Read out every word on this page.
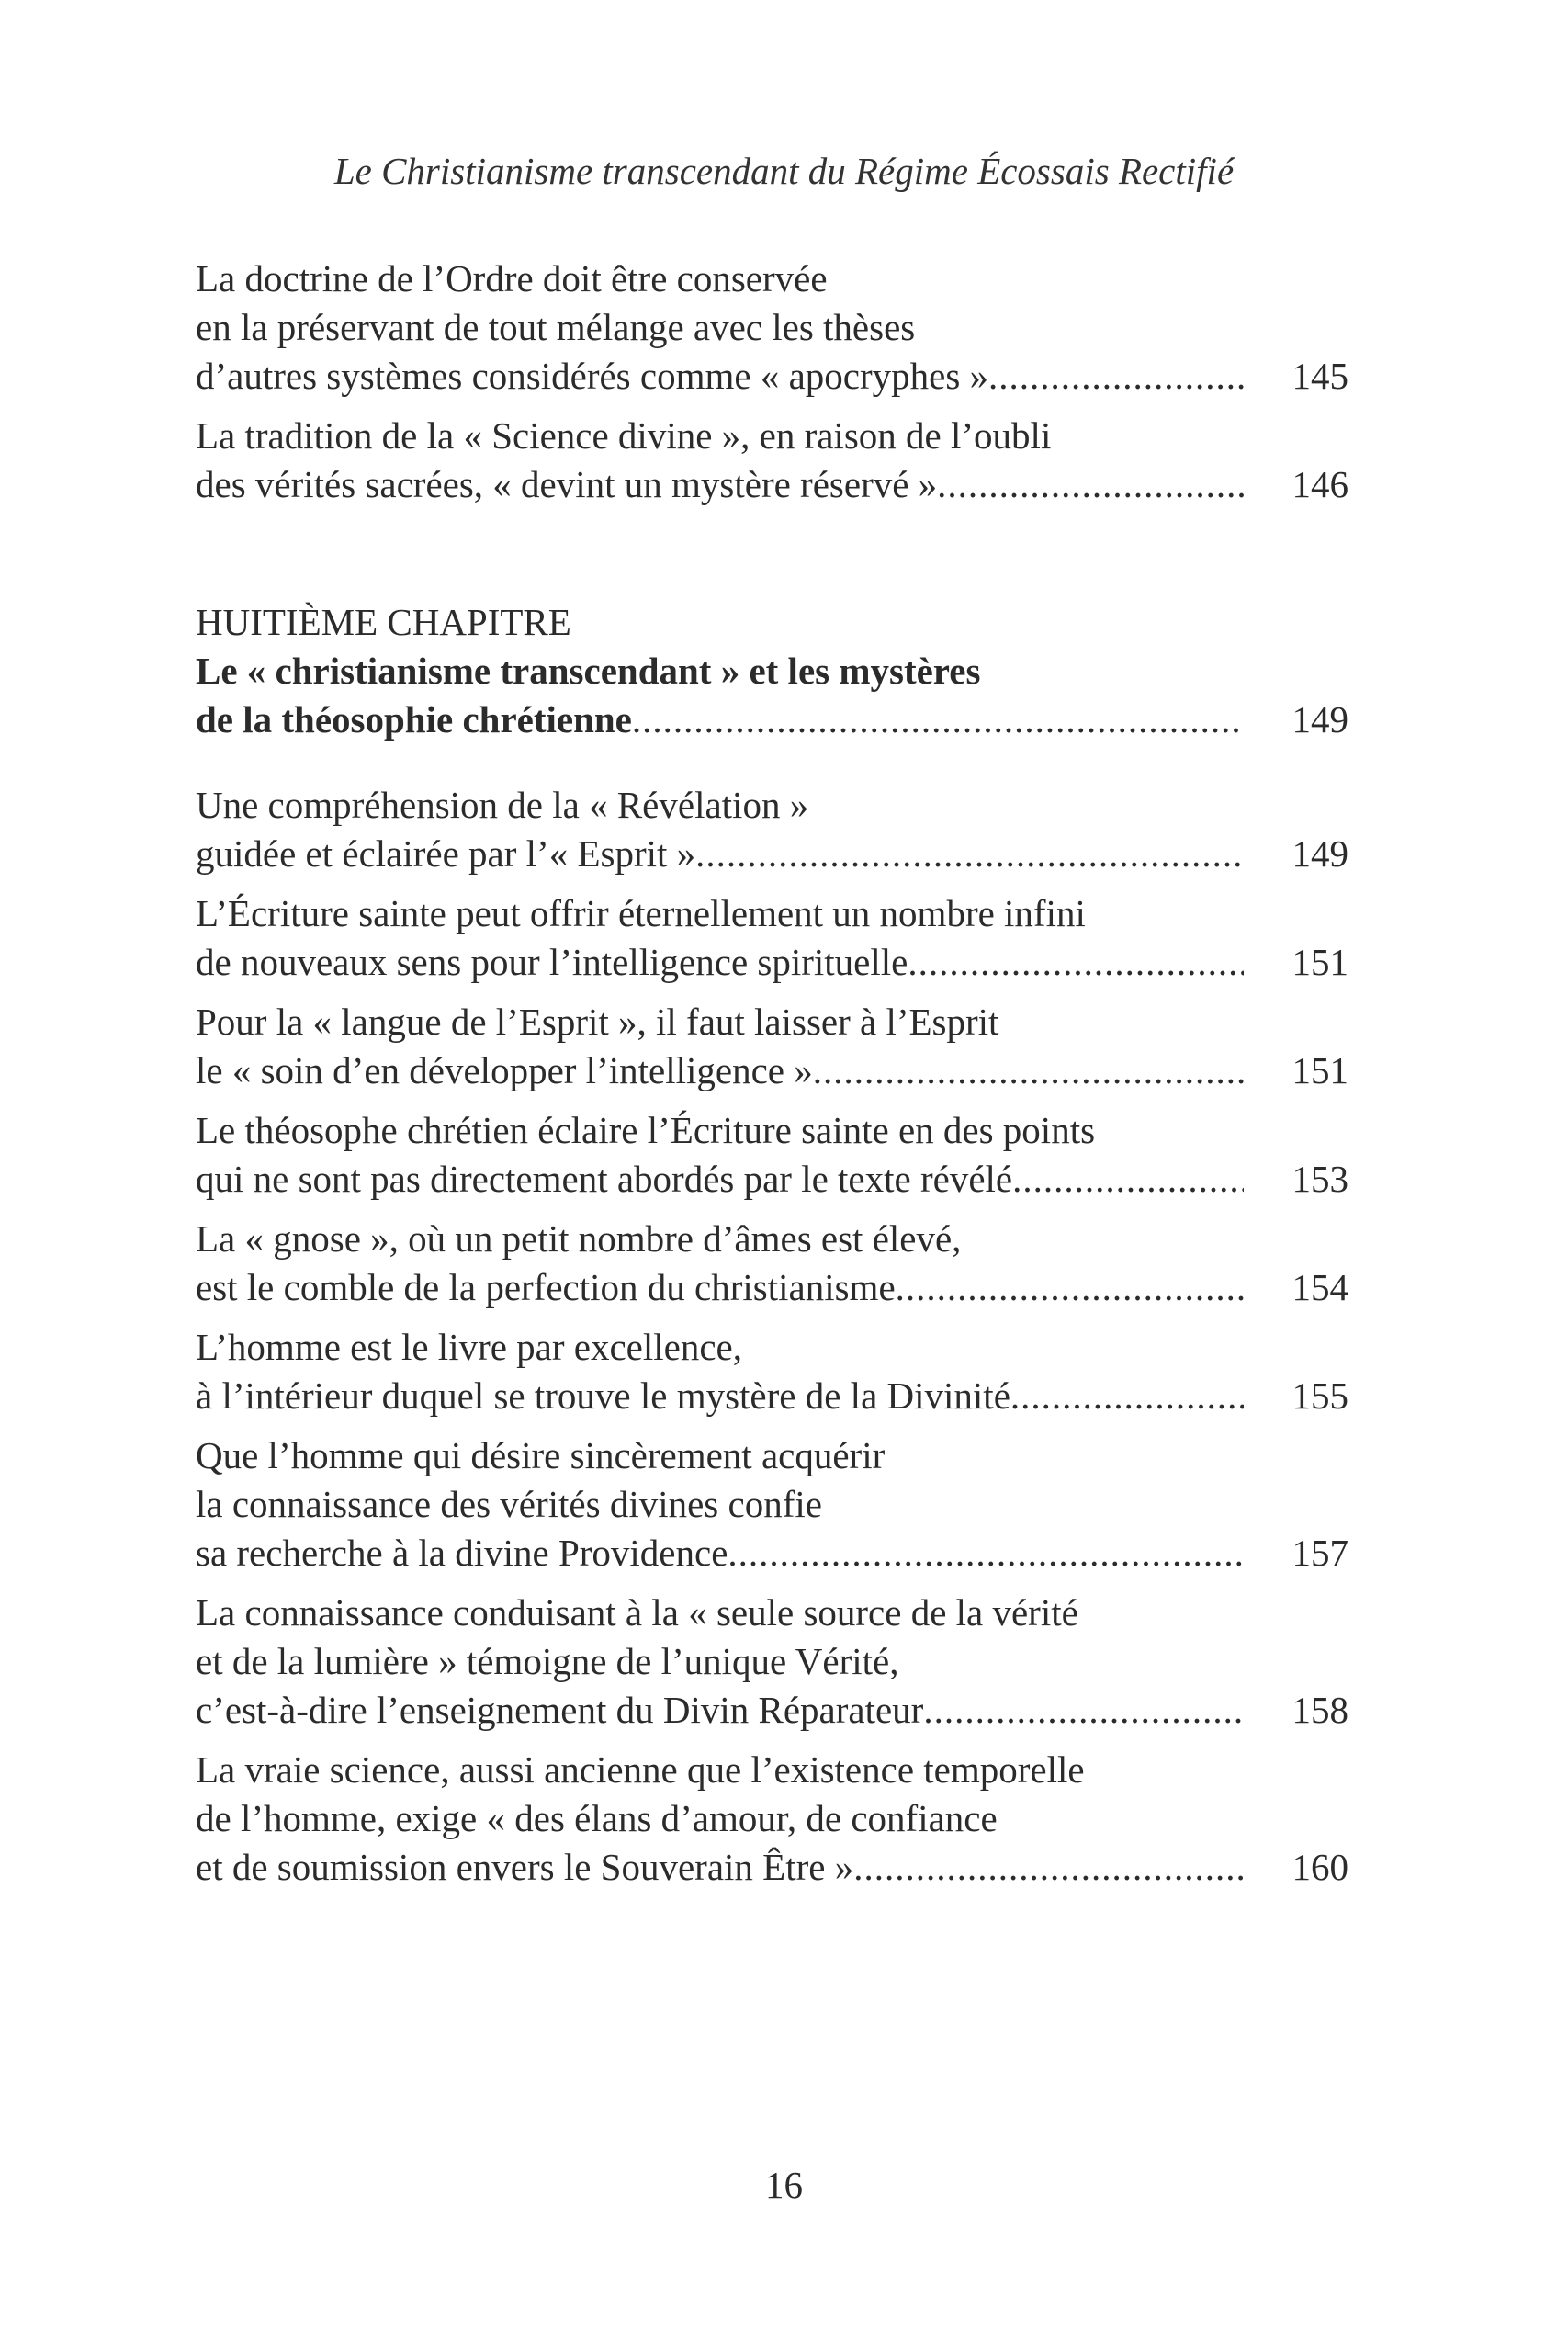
Le Christianisme transcendant du Régime Écossais Rectifié
La doctrine de l’Ordre doit être conservée
en la préservant de tout mélange avec les thèses
d’autres systèmes considérés comme « apocryphes » .....	145
La tradition de la « Science divine », en raison de l’oubli
des vérités sacrées, « devint un mystère réservé » .....	146
HUITIÈME CHAPITRE
Le « christianisme transcendant » et les mystères
de la théosophie chrétienne .....	149
Une compréhension de la « Révélation »
guidée et éclairée par l’« Esprit » .....	149
L’Écriture sainte peut offrir éternellement un nombre infini
de nouveaux sens pour l’intelligence spirituelle .....	151
Pour la « langue de l’Esprit », il faut laisser à l’Esprit
le « soin d’en développer l’intelligence » .....	151
Le théosophe chrétien éclaire l’Écriture sainte en des points
qui ne sont pas directement abordés par le texte révélé .....	153
La « gnose », où un petit nombre d’âmes est élevé,
est le comble de la perfection du christianisme .....	154
L’homme est le livre par excellence,
à l’intérieur duquel se trouve le mystère de la Divinité .....	155
Que l’homme qui désire sincèrement acquérir
la connaissance des vérités divines confie
sa recherche à la divine Providence .....	157
La connaissance conduisant à la « seule source de la vérité
et de la lumière » témoigne de l’unique Vérité,
c’est-à-dire l’enseignement du Divin Réparateur .....	158
La vraie science, aussi ancienne que l’existence temporelle
de l’homme, exige « des élans d’amour, de confiance
et de soumission envers le Souverain Être » .....	160
16
